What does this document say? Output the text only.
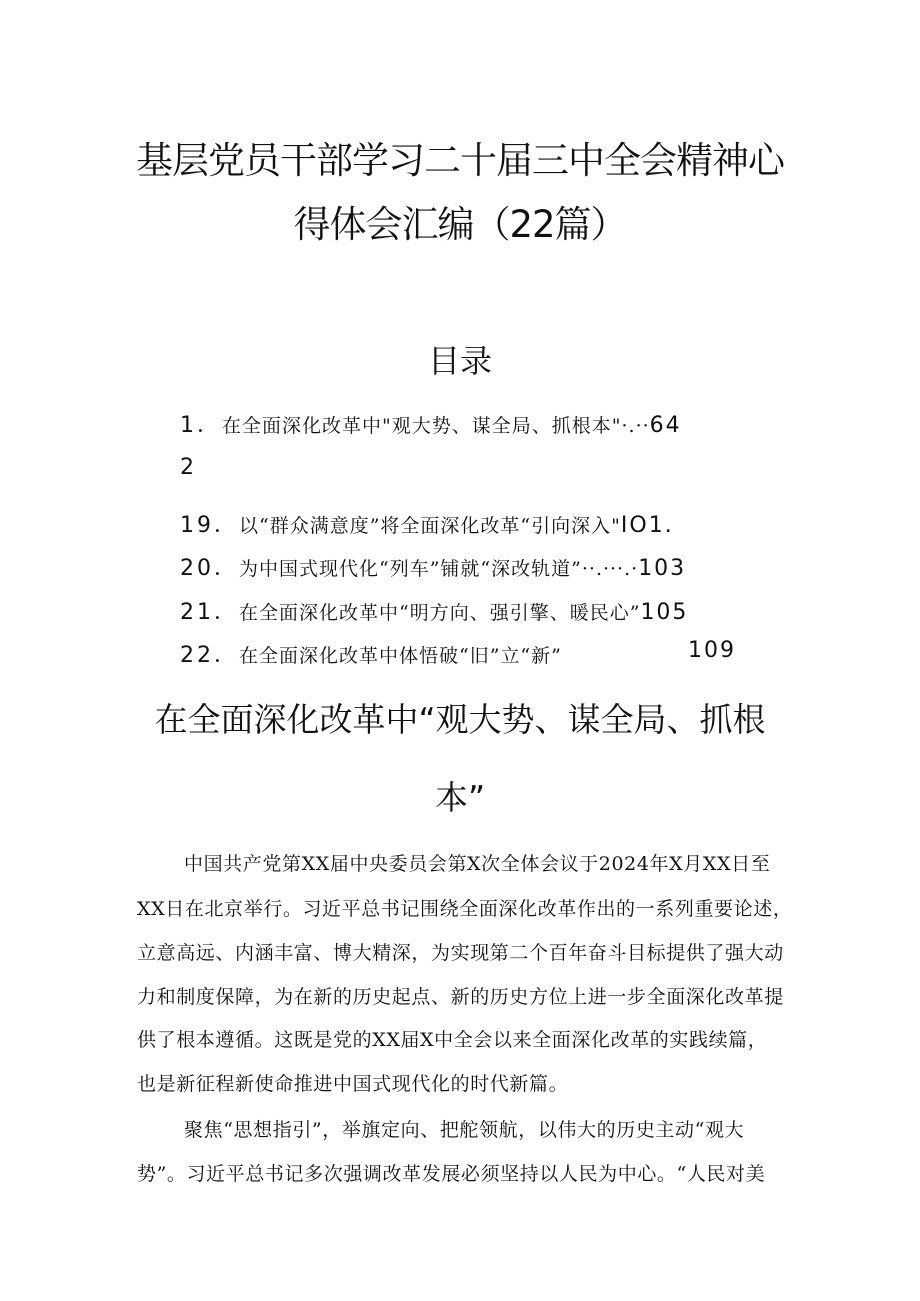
基层党员干部学习二十届三中全会精神心
得体会汇编（22篇）
目录
1．在全面深化改革中"观大势、谋全局、抓根本"·.··64
2
19．以“群众满意度”将全面深化改革“引向深入"IO1.
20．为中国式现代化“列车”铺就“深改轨道”··.···.·103
21．在全面深化改革中“明方向、强引擎、暖民心”105
22．在全面深化改革中体悟破“旧”立“新”	109
在全面深化改革中“观大势、谋全局、抓根
本”
中国共产党第XX届中央委员会第X次全体会议于2024年X月XX日至
XX日在北京举行。习近平总书记围绕全面深化改革作出的一系列重要论述，
立意高远、内涵丰富、博大精深，为实现第二个百年奋斗目标提供了强大动
力和制度保障，为在新的历史起点、新的历史方位上进一步全面深化改革提
供了根本遵循。这既是党的XX届X中全会以来全面深化改革的实践续篇，
也是新征程新使命推进中国式现代化的时代新篇。
聚焦“思想指引”，举旗定向、把舵领航，以伟大的历史主动“观大
势”。习近平总书记多次强调改革发展必须坚持以人民为中心。“人民对美
